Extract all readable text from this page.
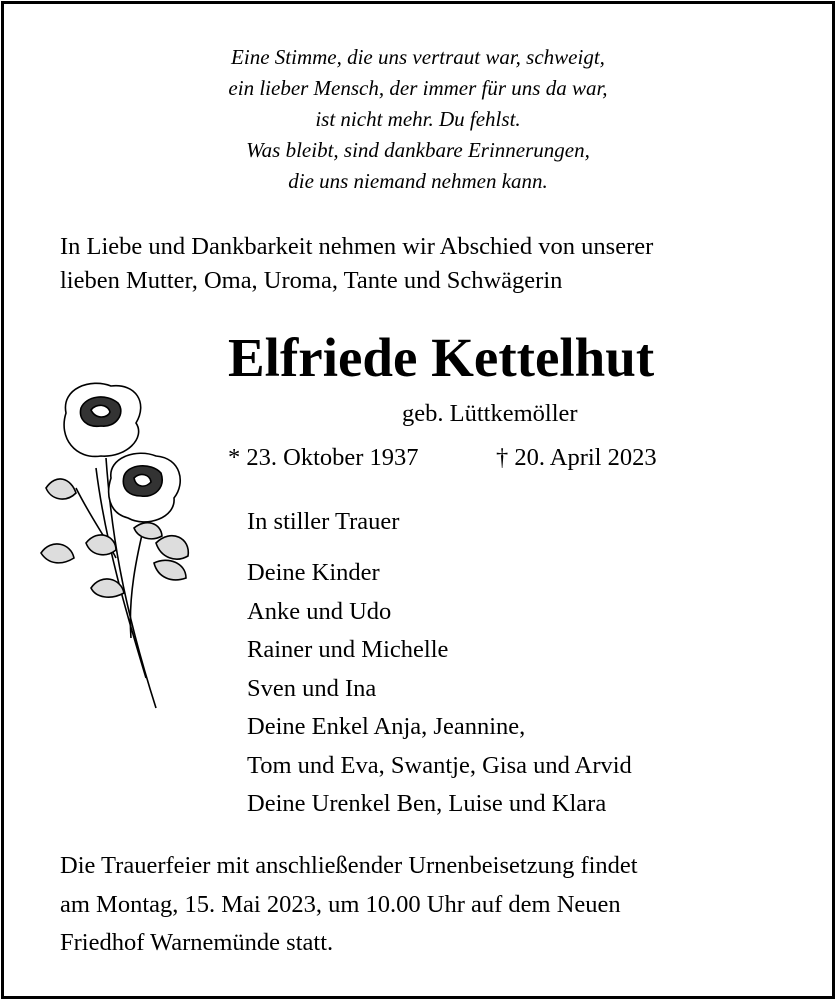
Eine Stimme, die uns vertraut war, schweigt,
ein lieber Mensch, der immer für uns da war,
ist nicht mehr. Du fehlst.
Was bleibt, sind dankbare Erinnerungen,
die uns niemand nehmen kann.
In Liebe und Dankbarkeit nehmen wir Abschied von unserer
lieben Mutter, Oma, Uroma, Tante und Schwägerin
Elfriede Kettelhut
geb. Lüttkemöller
* 23. Oktober 1937	† 20. April 2023
In stiller Trauer
Deine Kinder
Anke und Udo
Rainer und Michelle
Sven und Ina
Deine Enkel Anja, Jeannine,
Tom und Eva, Swantje, Gisa und Arvid
Deine Urenkel Ben, Luise und Klara
Die Trauerfeier mit anschließender Urnenbeisetzung findet
am Montag, 15. Mai 2023, um 10.00 Uhr auf dem Neuen
Friedhof Warnemünde statt.
